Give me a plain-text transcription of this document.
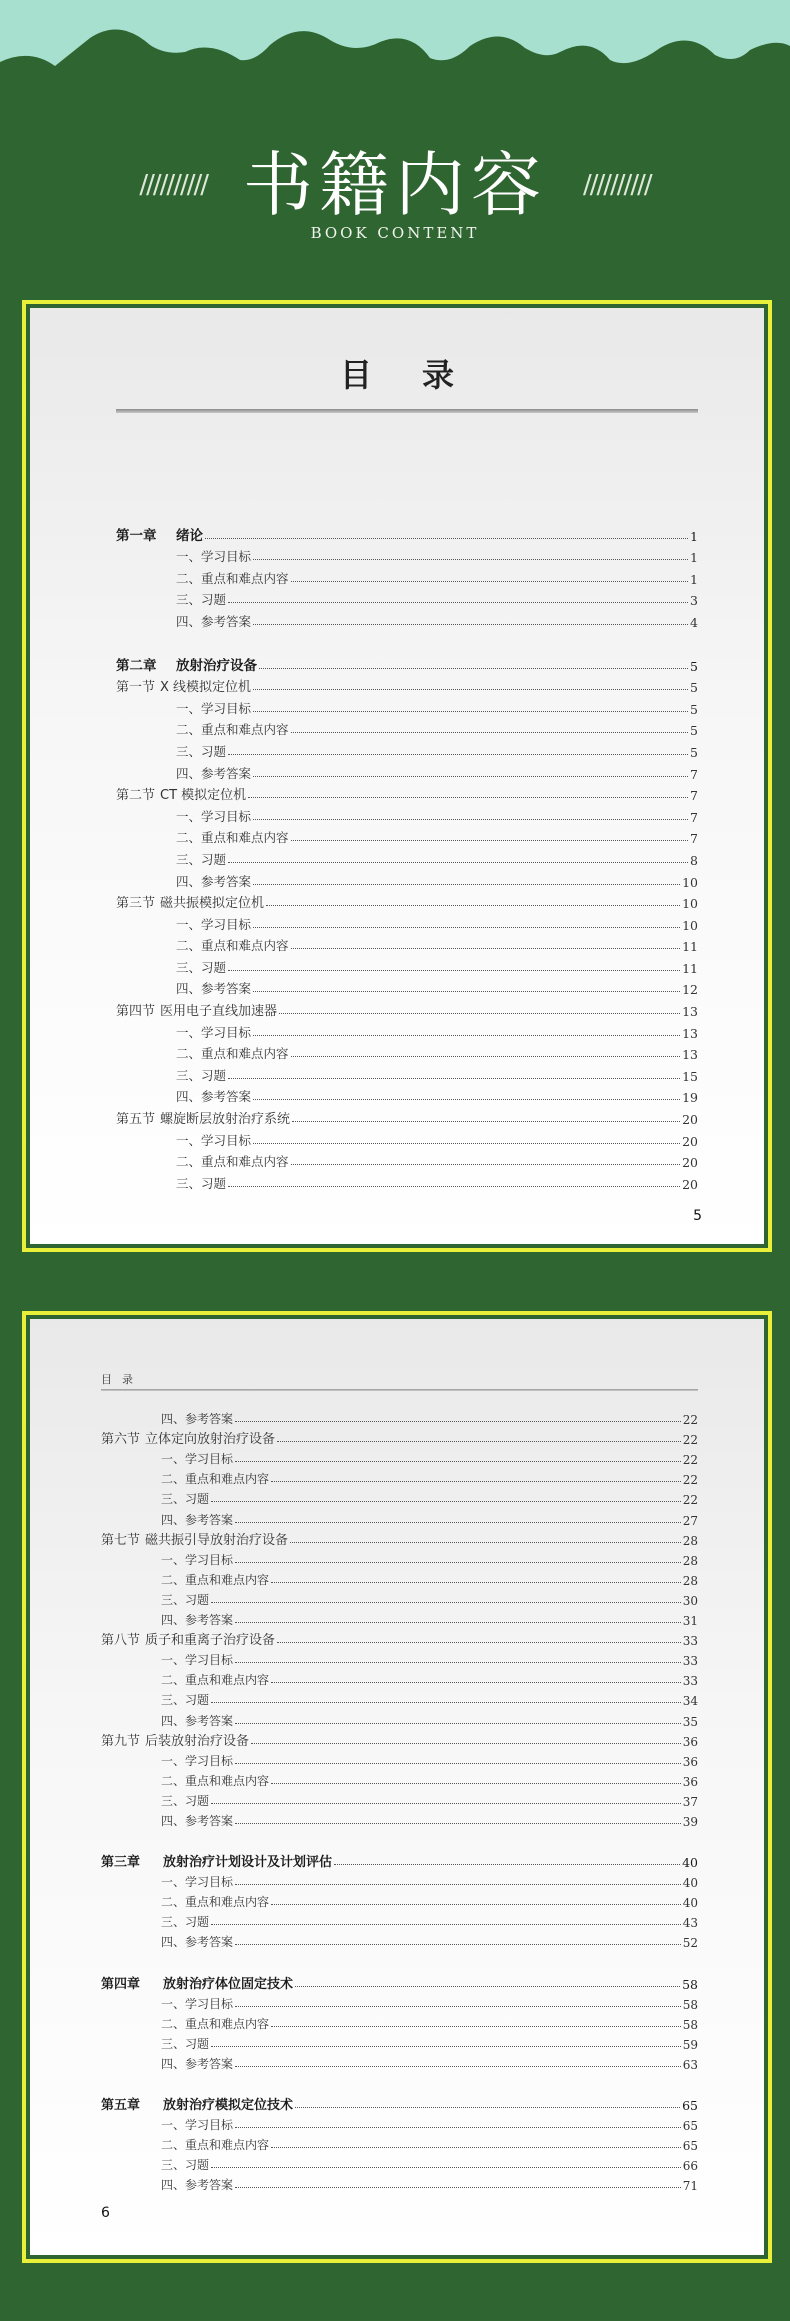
////////// 书籍内容 //////////
BOOK CONTENT
目录
第一章 绪论	1
一、学习目标	1
二、重点和难点内容	1
三、习题	3
四、参考答案	4
第二章 放射治疗设备	5
第一节 X 线模拟定位机	5
一、学习目标	5
二、重点和难点内容	5
三、习题	5
四、参考答案	7
第二节 CT 模拟定位机	7
一、学习目标	7
二、重点和难点内容	7
三、习题	8
四、参考答案	10
第三节 磁共振模拟定位机	10
一、学习目标	10
二、重点和难点内容	11
三、习题	11
四、参考答案	12
第四节 医用电子直线加速器	13
一、学习目标	13
二、重点和难点内容	13
三、习题	15
四、参考答案	19
第五节 螺旋断层放射治疗系统	20
一、学习目标	20
二、重点和难点内容	20
三、习题	20
5
目录
四、参考答案	22
第六节 立体定向放射治疗设备	22
一、学习目标	22
二、重点和难点内容	22
三、习题	22
四、参考答案	27
第七节 磁共振引导放射治疗设备	28
一、学习目标	28
二、重点和难点内容	28
三、习题	30
四、参考答案	31
第八节 质子和重离子治疗设备	33
一、学习目标	33
二、重点和难点内容	33
三、习题	34
四、参考答案	35
第九节 后装放射治疗设备	36
一、学习目标	36
二、重点和难点内容	36
三、习题	37
四、参考答案	39
第三章 放射治疗计划设计及计划评估	40
一、学习目标	40
二、重点和难点内容	40
三、习题	43
四、参考答案	52
第四章 放射治疗体位固定技术	58
一、学习目标	58
二、重点和难点内容	58
三、习题	59
四、参考答案	63
第五章 放射治疗模拟定位技术	65
一、学习目标	65
二、重点和难点内容	65
三、习题	66
四、参考答案	71
6
